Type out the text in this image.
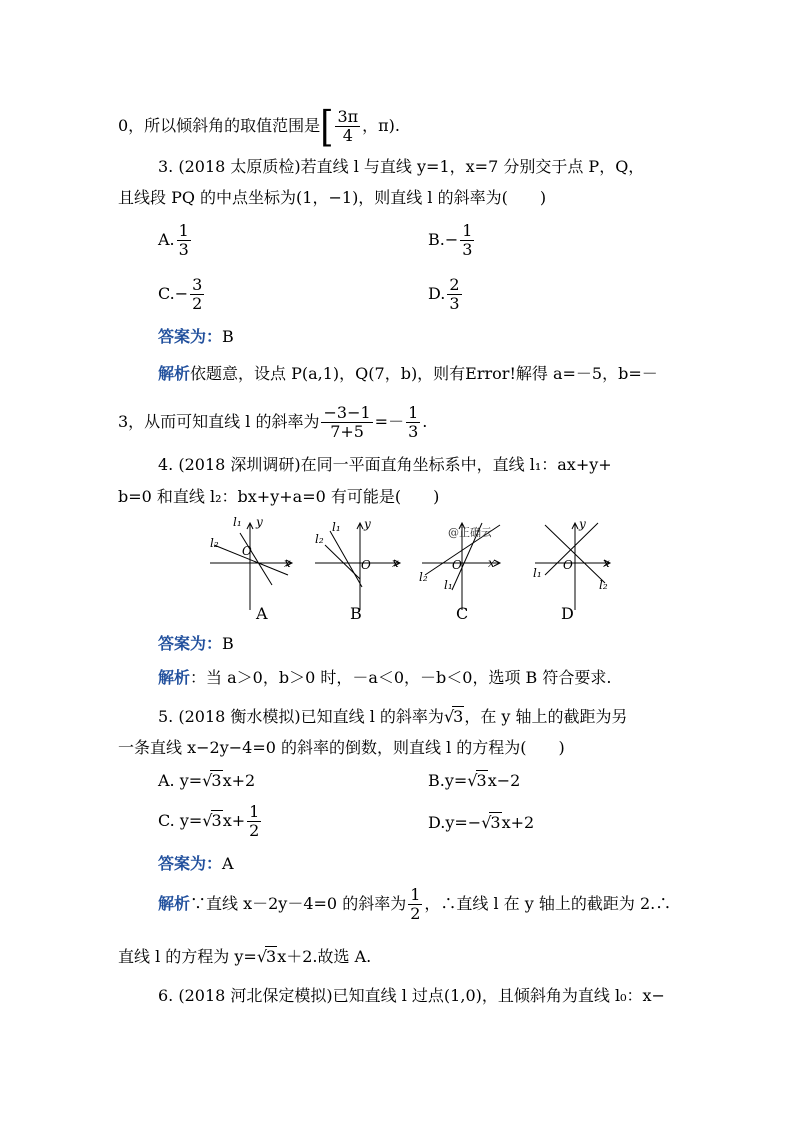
0，所以倾斜角的取值范围是[ $\frac{3\pi}{4}$ ，π).
3. (2018 太原质检)若直线 l 与直线 y=1，x=7 分别交于点 P，Q，
且线段 PQ 的中点坐标为(1，−1)，则直线 l 的斜率为(　　)
A. $\frac{1}{3}$	$B.- \frac{1}{3}$
$C.- \frac{3}{2}$	D. $\frac{2}{3}$
答案为：B
解析依题意，设点 P(a,1)，Q(7，b)，则有Error!解得 a=－5，b=－
3，从而可知直线 l 的斜率为 $\frac{-3-1}{7+5} =- \frac{1}{3}$ .
4. (2018 深圳调研)在同一平面直角坐标系中，直线 l₁：ax+y+
b=0 和直线 l₂：bx+y+a=0 有可能是(　　)
l₁
l₂
y
O
x
l₁
l₂
y
O x
@正确云
O x
l₂
l₁
y
O	x
l₁
l₂
A	B	C	D
答案为：B
解析：当 a＞0，b＞0 时，－a＜0，－b＜0，选项 B 符合要求.
5. (2018 衡水模拟)已知直线 l 的斜率为√3，在 y 轴上的截距为另
一条直线 x−2y−4=0 的斜率的倒数，则直线 l 的方程为(　　)
A. y=√3x+2	B.y=√3x−2
C. $y=√3x+ \frac{1}{2}$	D.y=−√3x+2
答案为：A
解析∵直线 x－2y－4=0 的斜率为 $\frac{1}{2}$ ，∴直线 l 在 y 轴上的截距为 2.∴
直线 l 的方程为 y=√3x＋2.故选 A.
6. (2018 河北保定模拟)已知直线 l 过点(1,0)，且倾斜角为直线 l₀：x−
